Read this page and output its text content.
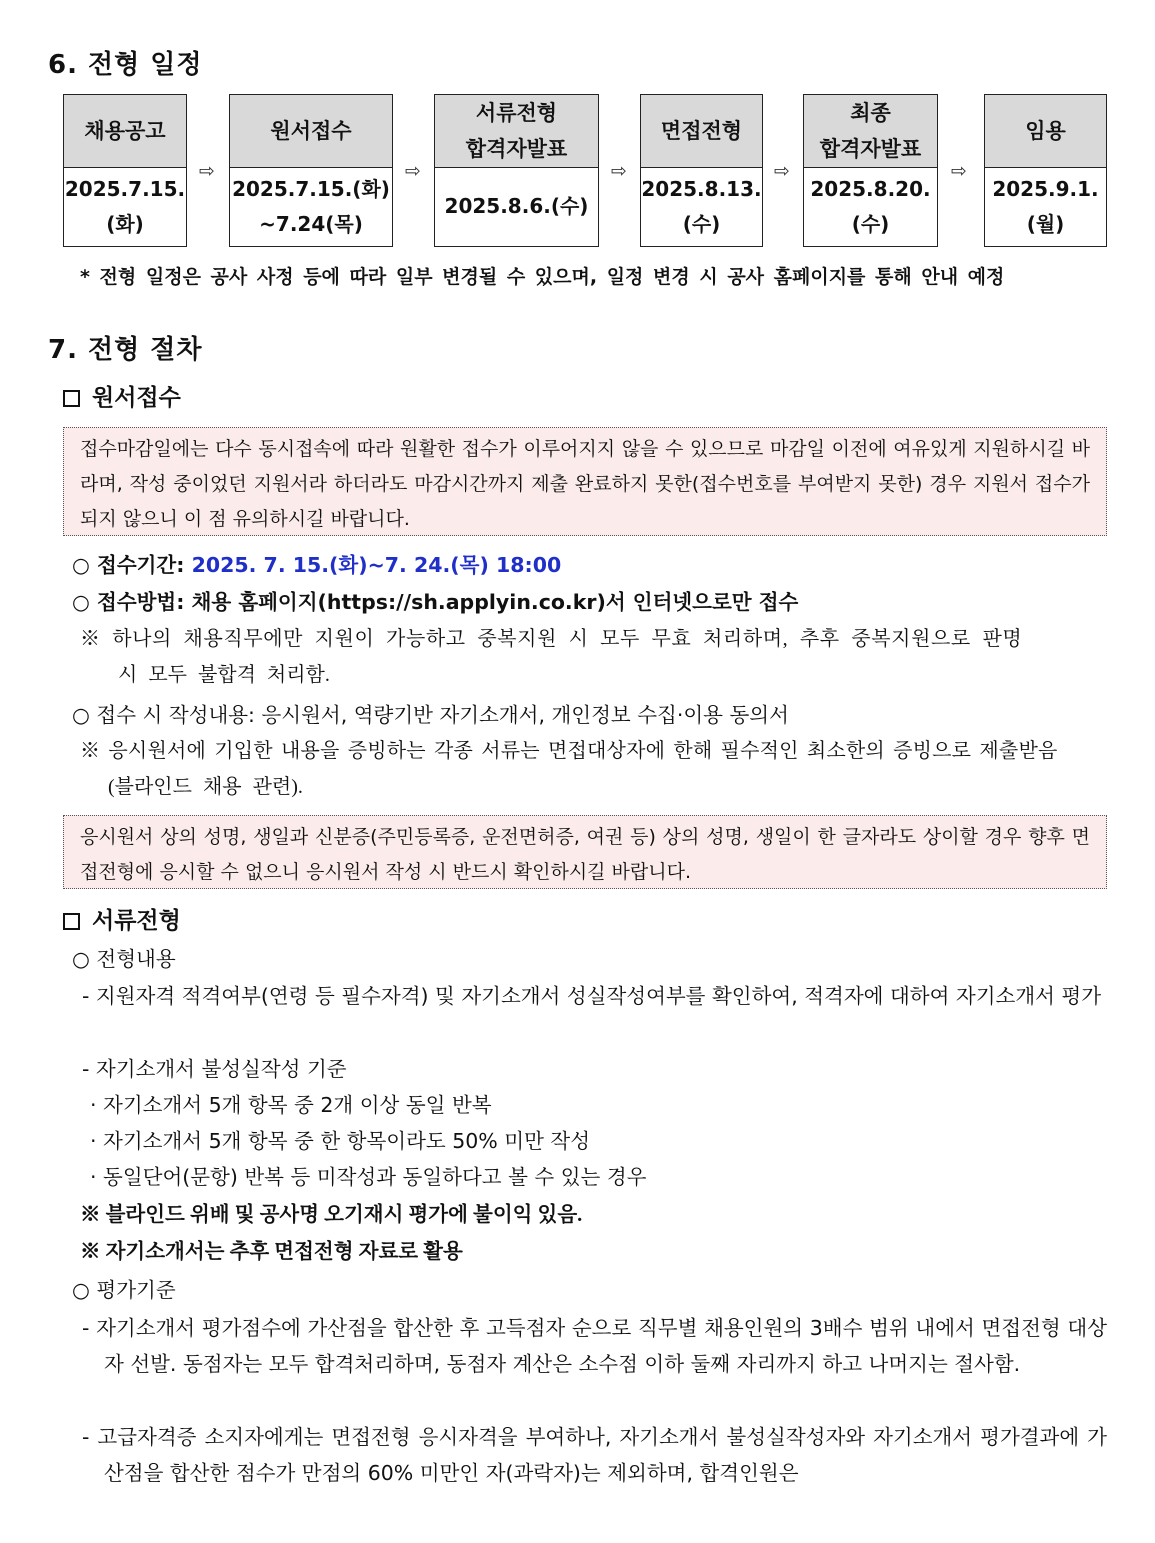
6. 전형 일정
채용공고
2025.7.15.
(화)
⇨
원서접수
2025.7.15.(화)
~7.24(목)
⇨
서류전형
합격자발표
2025.8.6.(수)
⇨
면접전형
2025.8.13.
(수)
⇨
최종
합격자발표
2025.8.20.
(수)
⇨
임용
2025.9.1.
(월)
* 전형 일정은 공사 사정 등에 따라 일부 변경될 수 있으며, 일정 변경 시 공사 홈페이지를 통해 안내 예정
7. 전형 절차
원서접수
접수마감일에는 다수 동시접속에 따라 원활한 접수가 이루어지지 않을 수 있으므로 마감일 이전에 여유있게 지원하시길 바라며, 작성 중이었던 지원서라 하더라도 마감시간까지 제출 완료하지 못한(접수번호를 부여받지 못한) 경우 지원서 접수가 되지 않으니 이 점 유의하시길 바랍니다.
○ 접수기간: 2025. 7. 15.(화)~7. 24.(목) 18:00
○ 접수방법: 채용 홈페이지(https://sh.applyin.co.kr)서 인터넷으로만 접수
※ 하나의 채용직무에만 지원이 가능하고 중복지원 시 모두 무효 처리하며, 추후 중복지원으로 판명
시 모두 불합격 처리함.
○ 접수 시 작성내용: 응시원서, 역량기반 자기소개서, 개인정보 수집·이용 동의서
※ 응시원서에 기입한 내용을 증빙하는 각종 서류는 면접대상자에 한해 필수적인 최소한의 증빙으로 제출받음
(블라인드 채용 관련).
응시원서 상의 성명, 생일과 신분증(주민등록증, 운전면허증, 여권 등) 상의 성명, 생일이 한 글자라도 상이할 경우 향후 면접전형에 응시할 수 없으니 응시원서 작성 시 반드시 확인하시길 바랍니다.
서류전형
○ 전형내용
- 지원자격 적격여부(연령 등 필수자격) 및 자기소개서 성실작성여부를 확인하여, 적격자에 대하여 자기소개서 평가
- 자기소개서 불성실작성 기준
· 자기소개서 5개 항목 중 2개 이상 동일 반복
· 자기소개서 5개 항목 중 한 항목이라도 50% 미만 작성
· 동일단어(문항) 반복 등 미작성과 동일하다고 볼 수 있는 경우
※ 블라인드 위배 및 공사명 오기재시 평가에 불이익 있음.
※ 자기소개서는 추후 면접전형 자료로 활용
○ 평가기준
- 자기소개서 평가점수에 가산점을 합산한 후 고득점자 순으로 직무별 채용인원의 3배수 범위 내에서 면접전형 대상자 선발. 동점자는 모두 합격처리하며, 동점자 계산은 소수점 이하 둘째 자리까지 하고 나머지는 절사함.
- 고급자격증 소지자에게는 면접전형 응시자격을 부여하나, 자기소개서 불성실작성자와 자기소개서 평가결과에 가산점을 합산한 점수가 만점의 60% 미만인 자(과락자)는 제외하며, 합격인원은
